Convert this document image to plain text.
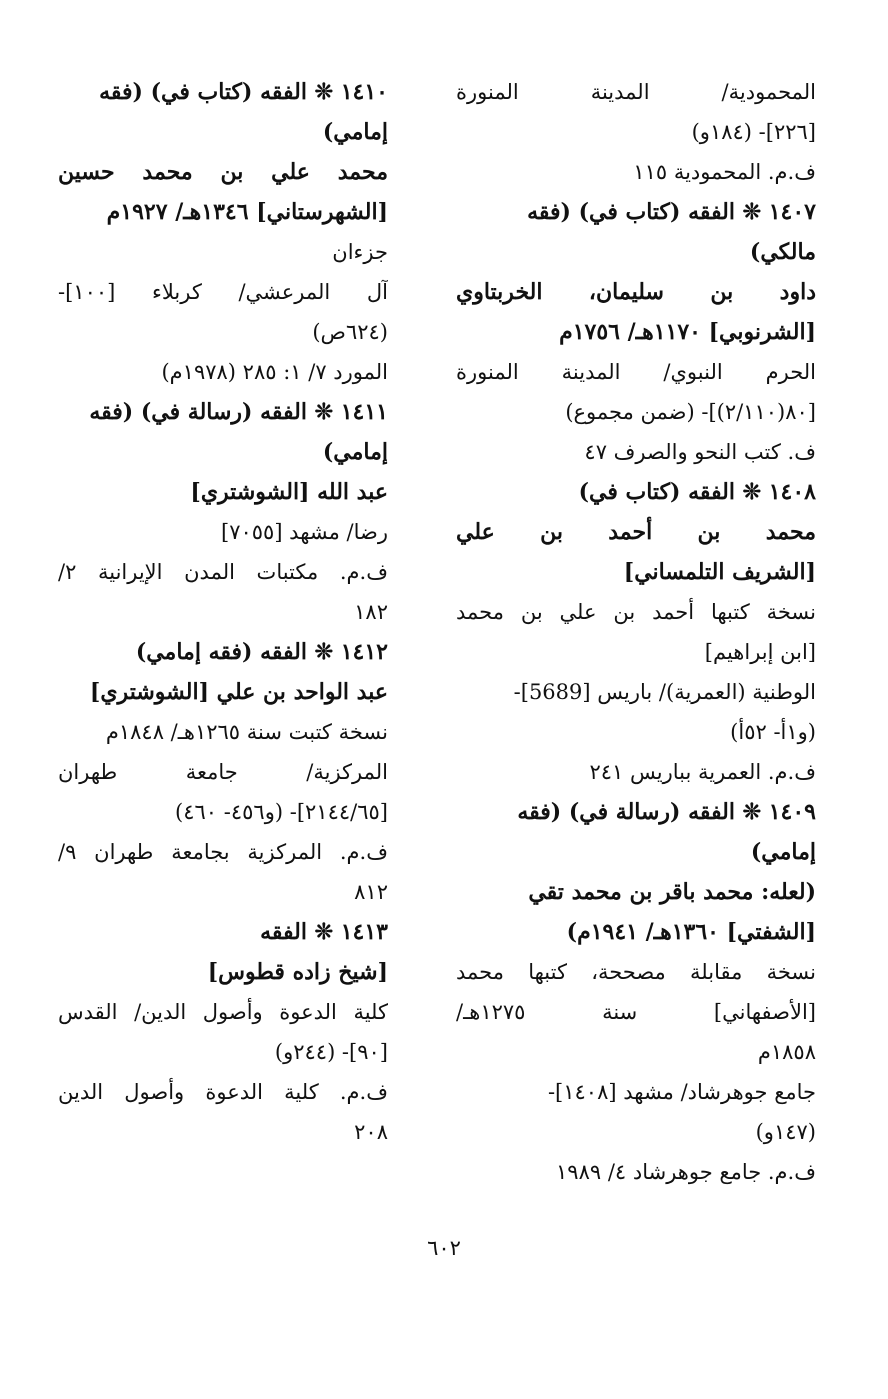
المحمودية/ المدينة المنورة
[٢٢٦]- (١٨٤و)
ف.م. المحمودية ١١٥
١٤٠٧ ❊ الفقه (كتاب في) (فقه
مالكي)
داود بن سليمان، الخربتاوي
[الشرنوبي] ١١٧٠هـ/ ١٧٥٦م
الحرم النبوي/ المدينة المنورة
[٨٠(٢/١١٠)]- (ضمن مجموع)
ف. كتب النحو والصرف ٤٧
١٤٠٨ ❊ الفقه (كتاب في)
محمد بن أحمد بن علي
[الشريف التلمساني]
نسخة كتبها أحمد بن علي بن محمد
[ابن إبراهيم]
الوطنية (العمرية)/ باريس [5689]-
(و١أ- ٥٢أ)
ف.م. العمرية بباريس ٢٤١
١٤٠٩ ❊ الفقه (رسالة في) (فقه
إمامي)
(لعله: محمد باقر بن محمد تقي
[الشفتي] ١٣٦٠هـ/ ١٩٤١م)
نسخة مقابلة مصححة، كتبها محمد
[الأصفهاني] سنة ١٢٧٥هـ/
١٨٥٨م
جامع جوهرشاد/ مشهد [١٤٠٨]-
(١٤٧و)
ف.م. جامع جوهرشاد ٤/ ١٩٨٩
١٤١٠ ❊ الفقه (كتاب في) (فقه
إمامي)
محمد علي بن محمد حسين
[الشهرستاني] ١٣٤٦هـ/ ١٩٢٧م
جزءان
آل المرعشي/ كربلاء [١٠٠]-
(٦٢٤ص)
المورد ٧/ ١: ٢٨٥ (١٩٧٨م)
١٤١١ ❊ الفقه (رسالة في) (فقه
إمامي)
عبد الله [الشوشتري]
رضا/ مشهد [٧٠٥٥]
ف.م. مكتبات المدن الإيرانية ٢/
١٨٢
١٤١٢ ❊ الفقه (فقه إمامي)
عبد الواحد بن علي [الشوشتري]
نسخة كتبت سنة ١٢٦٥هـ/ ١٨٤٨م
المركزية/ جامعة طهران
[٢١٤٤/٦٥]- (و٤٥٦- ٤٦٠)
ف.م. المركزية بجامعة طهران ٩/
٨١٢
١٤١٣ ❊ الفقه
[شيخ زاده قطوس]
كلية الدعوة وأصول الدين/ القدس
[٩٠]- (٢٤٤و)
ف.م. كلية الدعوة وأصول الدين
٢٠٨
٦٠٢
